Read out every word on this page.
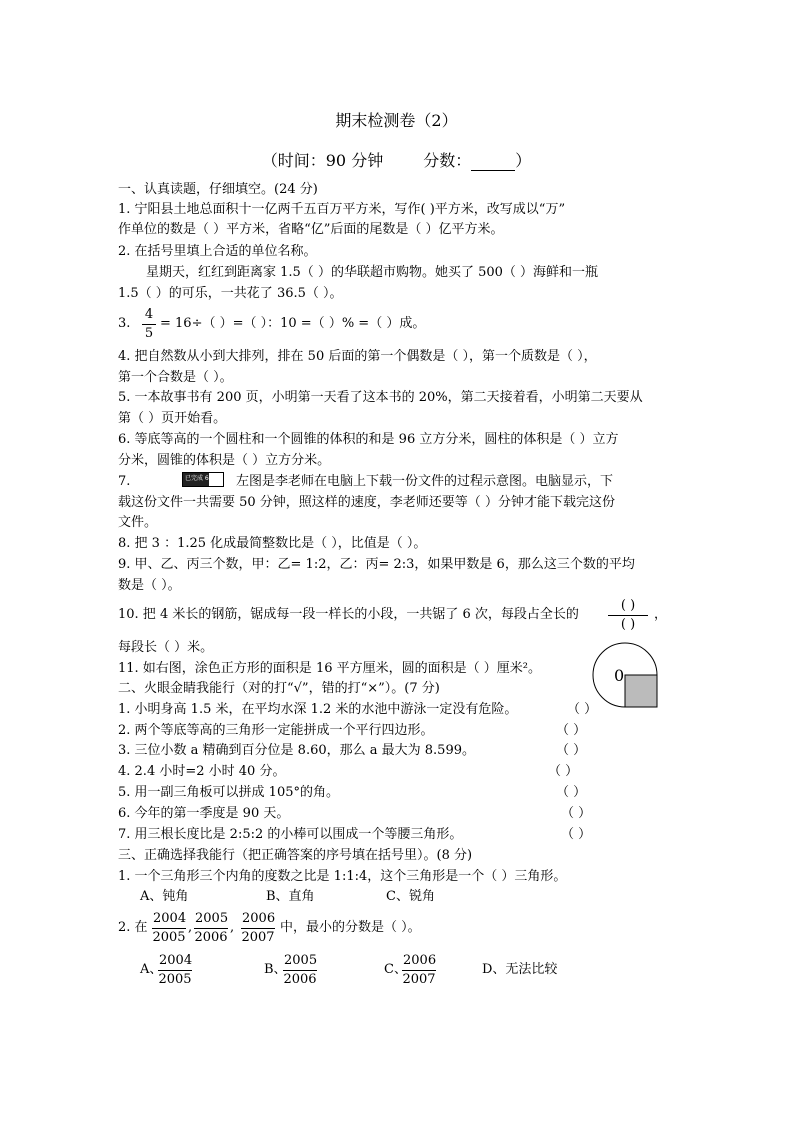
期末检测卷（2）
（时间：90 分钟	分数：	）
一、认真读题，仔细填空。(24 分)
1. 宁阳县土地总面积十一亿两千五百万平方米，写作( )平方米，改写成以“万”
作单位的数是（ ）平方米，省略“亿”后面的尾数是（ ）亿平方米。
2. 在括号里填上合适的单位名称。
星期天，红红到距离家 1.5（ ）的华联超市购物。她买了 500（ ）海鲜和一瓶
1.5（ ）的可乐，一共花了 36.5（ ）。
3. $\frac{4}{5} = 16\div$（ ）=（ ）：10 =（ ）% =（ ）成。
4. 把自然数从小到大排列，排在 50 后面的第一个偶数是（ ），第一个质数是（ ），
第一个合数是（ ）。
5. 一本故事书有 200 页，小明第一天看了这本书的 20%，第二天接着看，小明第二天要从
第（ ）页开始看。
6. 等底等高的一个圆柱和一个圆锥的体积的和是 96 立方分米，圆柱的体积是（ ）立方
分米，圆锥的体积是（ ）立方分米。
7.	已完成 64% 左图是李老师在电脑上下载一份文件的过程示意图。电脑显示，下
载这份文件一共需要 50 分钟，照这样的速度，李老师还要等（ ）分钟才能下载完这份
文件。
8. 把 3 ：1.25 化成最简整数比是（ ），比值是（ ）。
9. 甲、乙、丙三个数，甲：乙= 1:2，乙：丙= 2:3，如果甲数是 6，那么这三个数的平均
数是（ ）。
10. 把 4 米长的钢筋，锯成每一段一样长的小段，一共锯了 6 次，每段占全长的
( )
( )
，
每段长（ ）米。
11. 如右图，涂色正方形的面积是 16 平方厘米，圆的面积是（ ）厘米²。	0
二、火眼金睛我能行（对的打“√”，错的打“×”）。(7 分)
1. 小明身高 1.5 米，在平均水深 1.2 米的水池中游泳一定没有危险。	（ ）
2. 两个等底等高的三角形一定能拼成一个平行四边形。	（ ）
3. 三位小数 a 精确到百分位是 8.60，那么 a 最大为 8.599。	（ ）
4. 2.4 小时=2 小时 40 分。	（ ）
5. 用一副三角板可以拼成 105°的角。	（ ）
6. 今年的第一季度是 90 天。	（ ）
7. 用三根长度比是 2:5:2 的小棒可以围成一个等腰三角形。	（ ）
三、正确选择我能行（把正确答案的序号填在括号里）。(8 分)
1. 一个三角形三个内角的度数之比是 1:1:4，这个三角形是一个（ ）三角形。
A、钝角	B、直角	C、锐角
2. 在 $\frac{2004}{2005}$ , $\frac{2005}{2006}$ , $\frac{2006}{2007}$ 中，最小的分数是（ ）。
A、
$\frac{2004}{2005}$	B、
$\frac{2005}{2006}$	C、
$\frac{2006}{2007}$	D、无法比较
